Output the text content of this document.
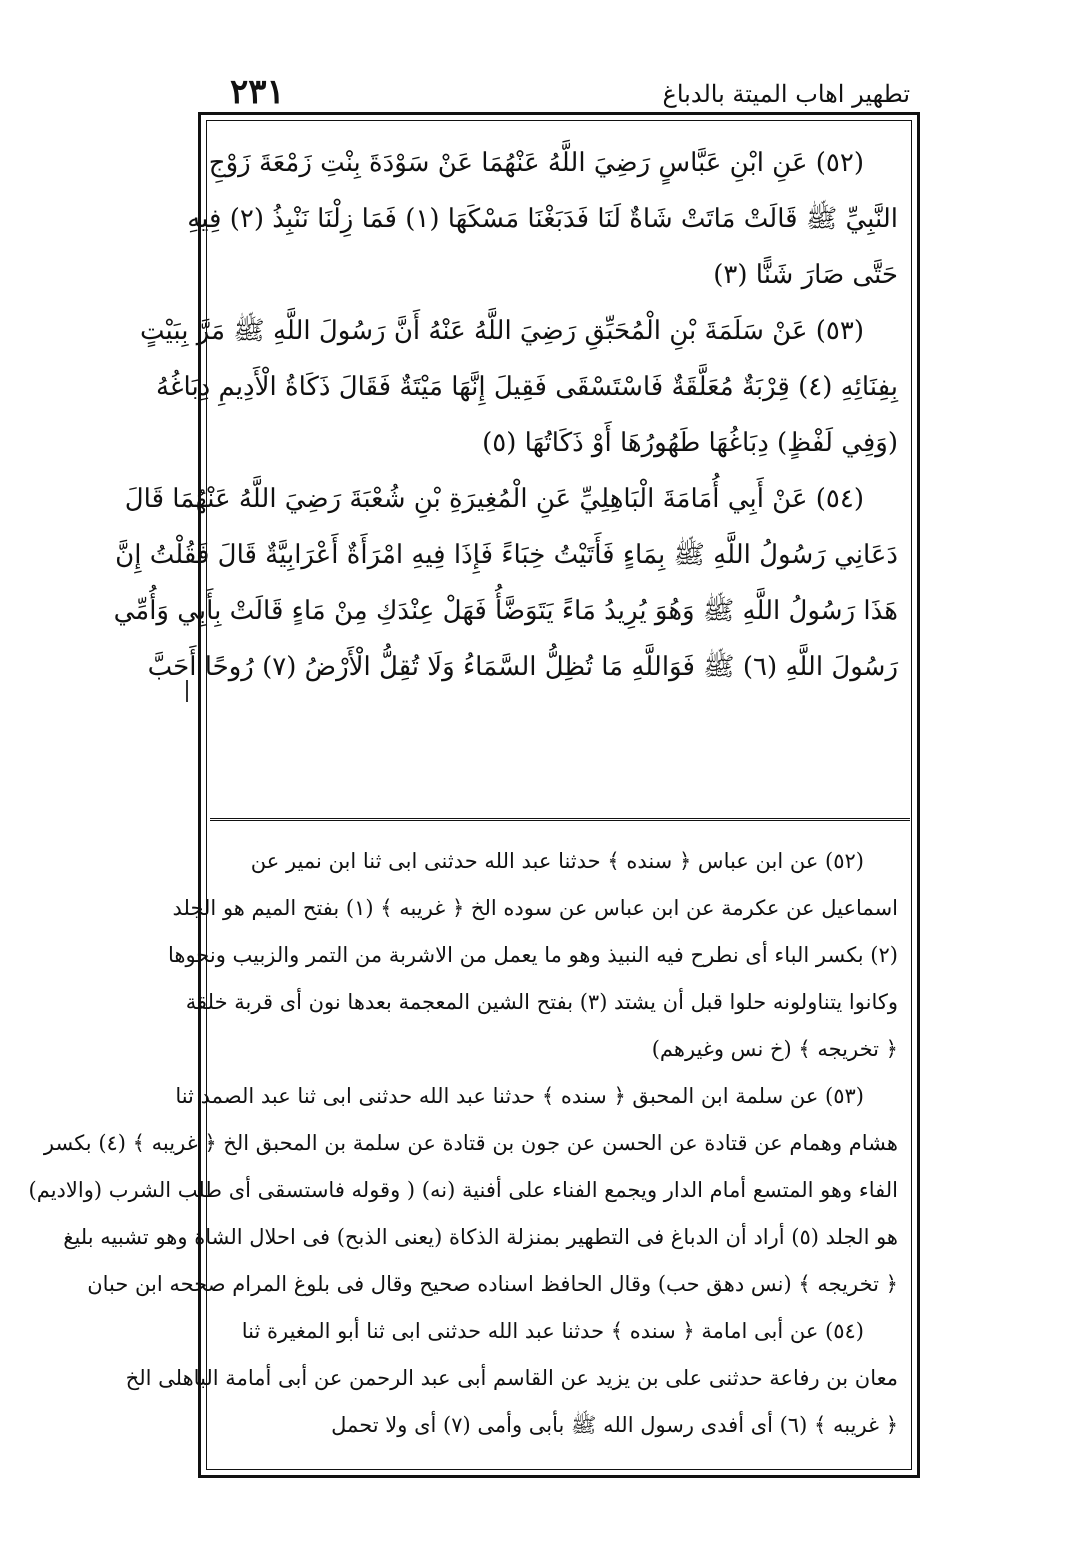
٢٣١	تطهير اهاب الميتة بالدباغ
(٥٢) عَنِ ابْنِ عَبَّاسٍ رَضِيَ اللَّهُ عَنْهُمَا عَنْ سَوْدَةَ بِنْتِ زَمْعَةَ زَوْجِ
النَّبِيِّ ﷺ قَالَتْ مَاتَتْ شَاةٌ لَنَا فَدَبَغْنَا مَسْكَهَا (١) فَمَا زِلْنَا نَنْبِذُ (٢) فِيهِ
حَتَّى صَارَ شَنًّا (٣)
(٥٣) عَنْ سَلَمَةَ بْنِ الْمُحَبِّقِ رَضِيَ اللَّهُ عَنْهُ أَنَّ رَسُولَ اللَّهِ ﷺ مَرَّ بِبَيْتٍ
بِفِنَائِهِ (٤) قِرْبَةٌ مُعَلَّقَةٌ فَاسْتَسْقَى فَقِيلَ إِنَّهَا مَيْتَةٌ فَقَالَ ذَكَاةُ الْأَدِيمِ دِبَاغُهُ
(وَفِي لَفْظٍ) دِبَاغُهَا طَهُورُهَا أَوْ ذَكَاتُهَا (٥)
(٥٤) عَنْ أَبِي أُمَامَةَ الْبَاهِلِيِّ عَنِ الْمُغِيرَةِ بْنِ شُعْبَةَ رَضِيَ اللَّهُ عَنْهُمَا قَالَ
دَعَانِي رَسُولُ اللَّهِ ﷺ بِمَاءٍ فَأَتَيْتُ خِبَاءً فَإِذَا فِيهِ امْرَأَةٌ أَعْرَابِيَّةٌ قَالَ فَقُلْتُ إِنَّ
هَذَا رَسُولُ اللَّهِ ﷺ وَهُوَ يُرِيدُ مَاءً يَتَوَضَّأُ فَهَلْ عِنْدَكِ مِنْ مَاءٍ قَالَتْ بِأَبِي وَأُمِّي
رَسُولَ اللَّهِ (٦) ﷺ فَوَاللَّهِ مَا تُظِلُّ السَّمَاءُ وَلَا تُقِلُّ الْأَرْضُ (٧) رُوحًا أَحَبَّ
(٥٢) عن ابن عباس ﴿ سنده ﴾ حدثنا عبد الله حدثنى ابى ثنا ابن نمير عن
اسماعيل عن عكرمة عن ابن عباس عن سوده الخ ﴿ غريبه ﴾ (١) بفتح الميم هو الجلد
(٢) بكسر الباء أى نطرح فيه النبيذ وهو ما يعمل من الاشربة من التمر والزبيب ونحوها
وكانوا يتناولونه حلوا قبل أن يشتد (٣) بفتح الشين المعجمة بعدها نون أى قربة خلقة
﴿ تخريجه ﴾ (خ نس وغيرهم)
(٥٣) عن سلمة ابن المحبق ﴿ سنده ﴾ حدثنا عبد الله حدثنى ابى ثنا عبد الصمد ثنا
هشام وهمام عن قتادة عن الحسن عن جون بن قتادة عن سلمة بن المحبق الخ ﴿ غريبه ﴾ (٤) بكسر
الفاء وهو المتسع أمام الدار ويجمع الفناء على أفنية (نه) ( وقوله فاستسقى أى طلب الشرب (والاديم)
هو الجلد (٥) أراد أن الدباغ فى التطهير بمنزلة الذكاة (يعنى الذبح) فى احلال الشاة وهو تشبيه بليغ
﴿ تخريجه ﴾ (نس دهق حب) وقال الحافظ اسناده صحيح وقال فى بلوغ المرام صححه ابن حبان
(٥٤) عن أبى امامة ﴿ سنده ﴾ حدثنا عبد الله حدثنى ابى ثنا أبو المغيرة ثنا
معان بن رفاعة حدثنى على بن يزيد عن القاسم أبى عبد الرحمن عن أبى أمامة الباهلى الخ
﴿ غريبه ﴾ (٦) أى أفدى رسول الله ﷺ بأبى وأمى (٧) أى ولا تحمل
